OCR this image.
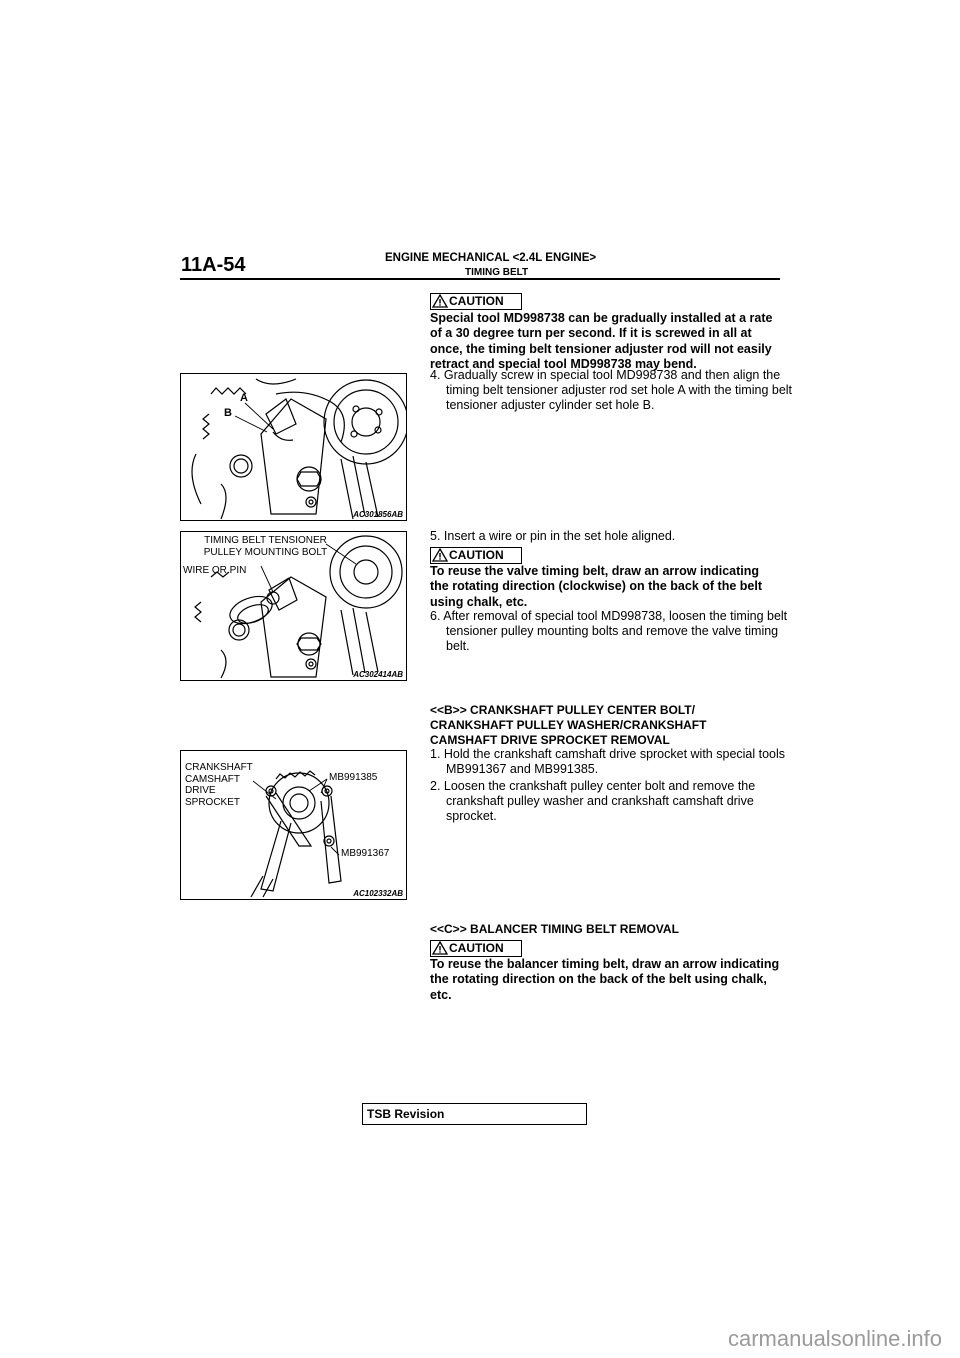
11A-54	ENGINE MECHANICAL <2.4L ENGINE>
TIMING BELT
CAUTION
Special tool MD998738 can be gradually installed at a rate of a 30 degree turn per second. If it is screwed in all at once, the timing belt tensioner adjuster rod will not easily retract and special tool MD998738 may bend.
4. Gradually screw in special tool MD998738 and then align the timing belt tensioner adjuster rod set hole A with the timing belt tensioner adjuster cylinder set hole B.
A
B
AC301856AB
5. Insert a wire or pin in the set hole aligned.
CAUTION
To reuse the valve timing belt, draw an arrow indicating the rotating direction (clockwise) on the back of the belt using chalk, etc.
6. After removal of special tool MD998738, loosen the timing belt tensioner pulley mounting bolts and remove the valve timing belt.
TIMING BELT TENSIONER PULLEY MOUNTING BOLT
WIRE OR PIN
AC302414AB
<<B>> CRANKSHAFT PULLEY CENTER BOLT/ CRANKSHAFT PULLEY WASHER/CRANKSHAFT CAMSHAFT DRIVE SPROCKET REMOVAL
1. Hold the crankshaft camshaft drive sprocket with special tools MB991367 and MB991385.
2. Loosen the crankshaft pulley center bolt and remove the crankshaft pulley washer and crankshaft camshaft drive sprocket.
CRANKSHAFT CAMSHAFT DRIVE SPROCKET
MB991385
MB991367
AC102332AB
<<C>> BALANCER TIMING BELT REMOVAL
CAUTION
To reuse the balancer timing belt, draw an arrow indicating the rotating direction on the back of the belt using chalk, etc.
TSB Revision
carmanualsonline.info
